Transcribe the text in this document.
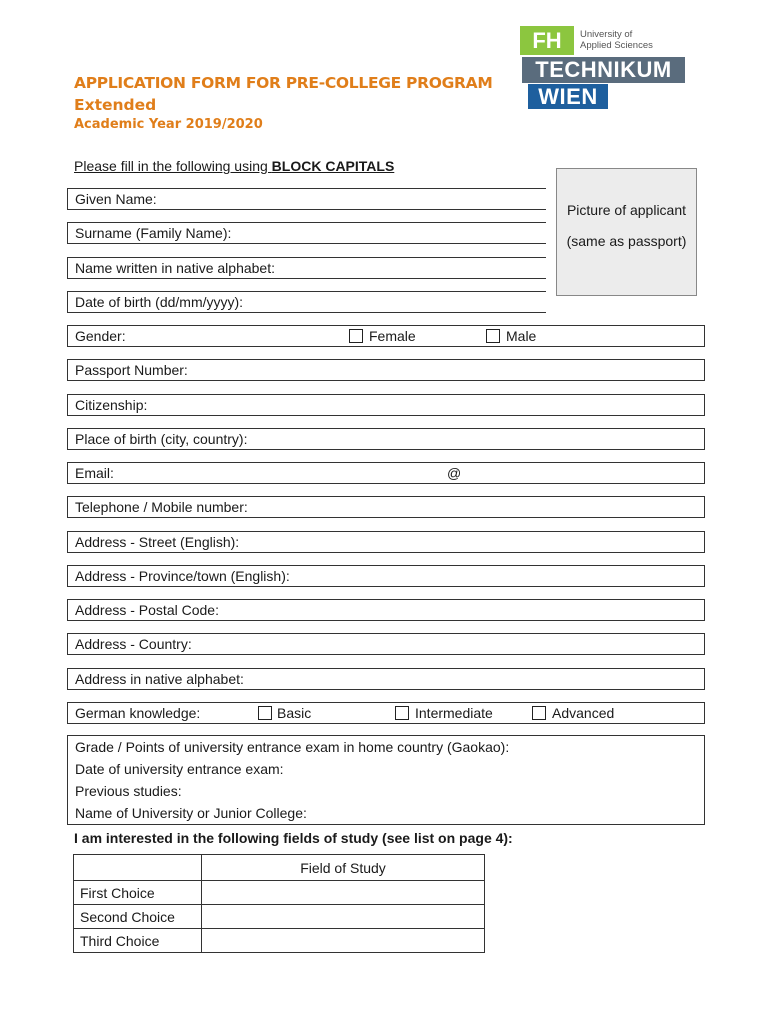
FH	University of
Applied Sciences
TECHNIKUM
WIEN
APPLICATION FORM FOR PRE-COLLEGE PROGRAM
Extended
Academic Year 2019/2020
Please fill in the following using BLOCK CAPITALS
Picture of applicant
(same as passport)
Given Name:
Surname (Family Name):
Name written in native alphabet:
Date of birth (dd/mm/yyyy):
Gender:	Female	Male
Passport Number:
Citizenship:
Place of birth (city, country):
Email:	@
Telephone / Mobile number:
Address - Street (English):
Address - Province/town (English):
Address - Postal Code:
Address - Country:
Address in native alphabet:
German knowledge:	Basic	Intermediate	Advanced
Grade / Points of university entrance exam in home country (Gaokao):
Date of university entrance exam:
Previous studies:
Name of University or Junior College:
I am interested in the following fields of study (see list on page 4):
	Field of Study
First Choice	
Second Choice	
Third Choice	
